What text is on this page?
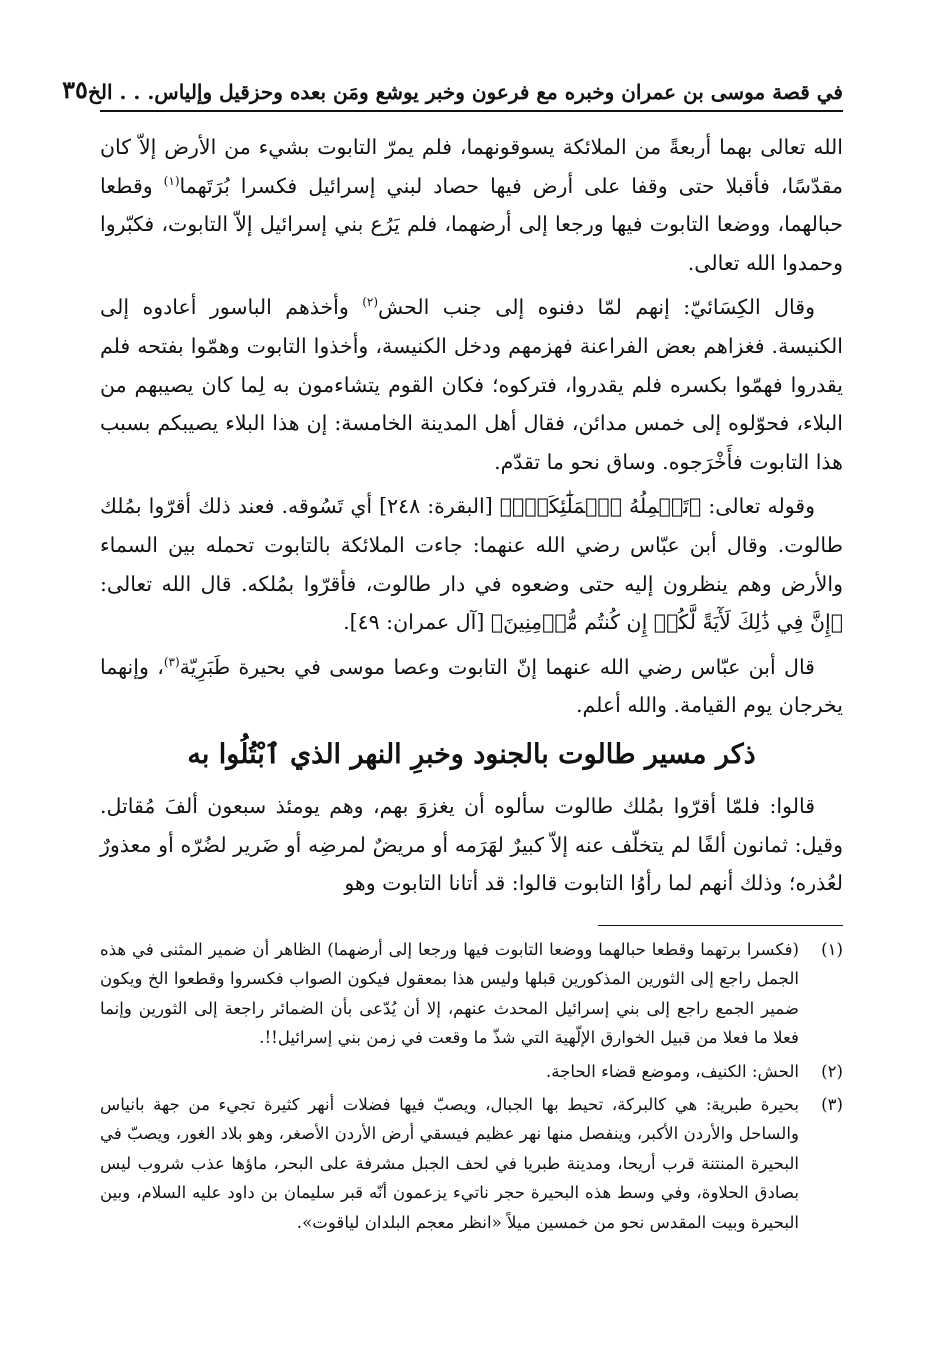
في قصة موسى بن عمران وخبره مع فرعون وخبر يوشع ومَن بعده وحزقيل وإلياس. . . الخ
٣٥

الله تعالى بهما أربعةً من الملائكة يسوقونهما، فلم يمرّ التابوت بشيء من الأرض إلاّ كان مقدّسًا، فأقبلا حتى وقفا على أرض فيها حصاد لبني إسرائيل فكسرا بُرَتَهما$^{(١)}$ وقطعا حبالهما، ووضعا التابوت فيها ورجعا إلى أرضهما، فلم يَرُع بني إسرائيل إلاّ التابوت، فكبّروا وحمدوا الله تعالى.

وقال الكِسَائيّ: إنهم لمّا دفنوه إلى جنب الحش$^{(٢)}$ وأخذهم الباسور أعادوه إلى الكنيسة. فغزاهم بعض الفراعنة فهزمهم ودخل الكنيسة، وأخذوا التابوت وهمّوا بفتحه فلم يقدروا فهمّوا بكسره فلم يقدروا، فتركوه؛ فكان القوم يتشاءمون به لِما كان يصيبهم من البلاء، فحوّلوه إلى خمس مدائن، فقال أهل المدينة الخامسة: إن هذا البلاء يصيبكم بسبب هذا التابوت فأَخْرَجوه. وساق نحو ما تقدّم.

وقوله تعالى: ﴿تَحۡمِلُهُ ٱلۡمَلَٰٓئِكَةُۚ﴾ [البقرة: ٢٤٨] أي تَسُوقه. فعند ذلك أقرّوا بمُلك طالوت. وقال أبن عبّاس رضي الله عنهما: جاءت الملائكة بالتابوت تحمله بين السماء والأرض وهم ينظرون إليه حتى وضعوه في دار طالوت، فأقرّوا بمُلكه. قال الله تعالى: ﴿إِنَّ فِي ذَٰلِكَ لَأٓيَةً لَّكُمۡ إِن كُنتُم مُّؤۡمِنِينَ﴾ [آل عمران: ٤٩].

قال أبن عبّاس رضي الله عنهما إنّ التابوت وعصا موسى في بحيرة طَبَرِيّة$^{(٣)}$، وإنهما يخرجان يوم القيامة. والله أعلم.

ذكر مسير طالوت بالجنود وخبرِ النهر الذي ٱبْتُلُوا به

قالوا: فلمّا أقرّوا بمُلك طالوت سألوه أن يغزوَ بهم، وهم يومئذ سبعون ألفَ مُقاتل. وقيل: ثمانون ألفًا لم يتخلّف عنه إلاّ كبيرٌ لهَرَمه أو مريضٌ لمرضِه أو ضَرير لضُرّه أو معذورٌ لعُذره؛ وذلك أنهم لما رأوُا التابوت قالوا: قد أتانا التابوت وهو

(١)
(فكسرا برتهما وقطعا حبالهما ووضعا التابوت فيها ورجعا إلى أرضهما) الظاهر أن ضمير المثنى في هذه الجمل راجع إلى الثورين المذكورين قبلها وليس هذا بمعقول فيكون الصواب فكسروا وقطعوا الخ ويكون ضمير الجمع راجع إلى بني إسرائيل المحدث عنهم، إلا أن يُدّعى بأن الضمائر راجعة إلى الثورين وإنما فعلا ما فعلا من قبيل الخوارق الإلّهية التي شذّ ما وقعت في زمن بني إسرائيل!!.
(٢)
الحش: الكنيف، وموضع قضاء الحاجة.
(٣)
بحيرة طبرية: هي كالبركة، تحيط بها الجبال، ويصبّ فيها فضلات أنهر كثيرة تجيء من جهة بانياس والساحل والأردن الأكبر، وينفصل منها نهر عظيم فيسقي أرض الأردن الأصغر، وهو بلاد الغور، ويصبّ في البحيرة المنتنة قرب أريحا، ومدينة طبريا في لحف الجبل مشرفة على البحر، ماؤها عذب شروب ليس بصادق الحلاوة، وفي وسط هذه البحيرة حجر ناتيء يزعمون أنّه قبر سليمان بن داود عليه السلام، وبين البحيرة وبيت المقدس نحو من خمسين ميلاً «انظر معجم البلدان لياقوت».
